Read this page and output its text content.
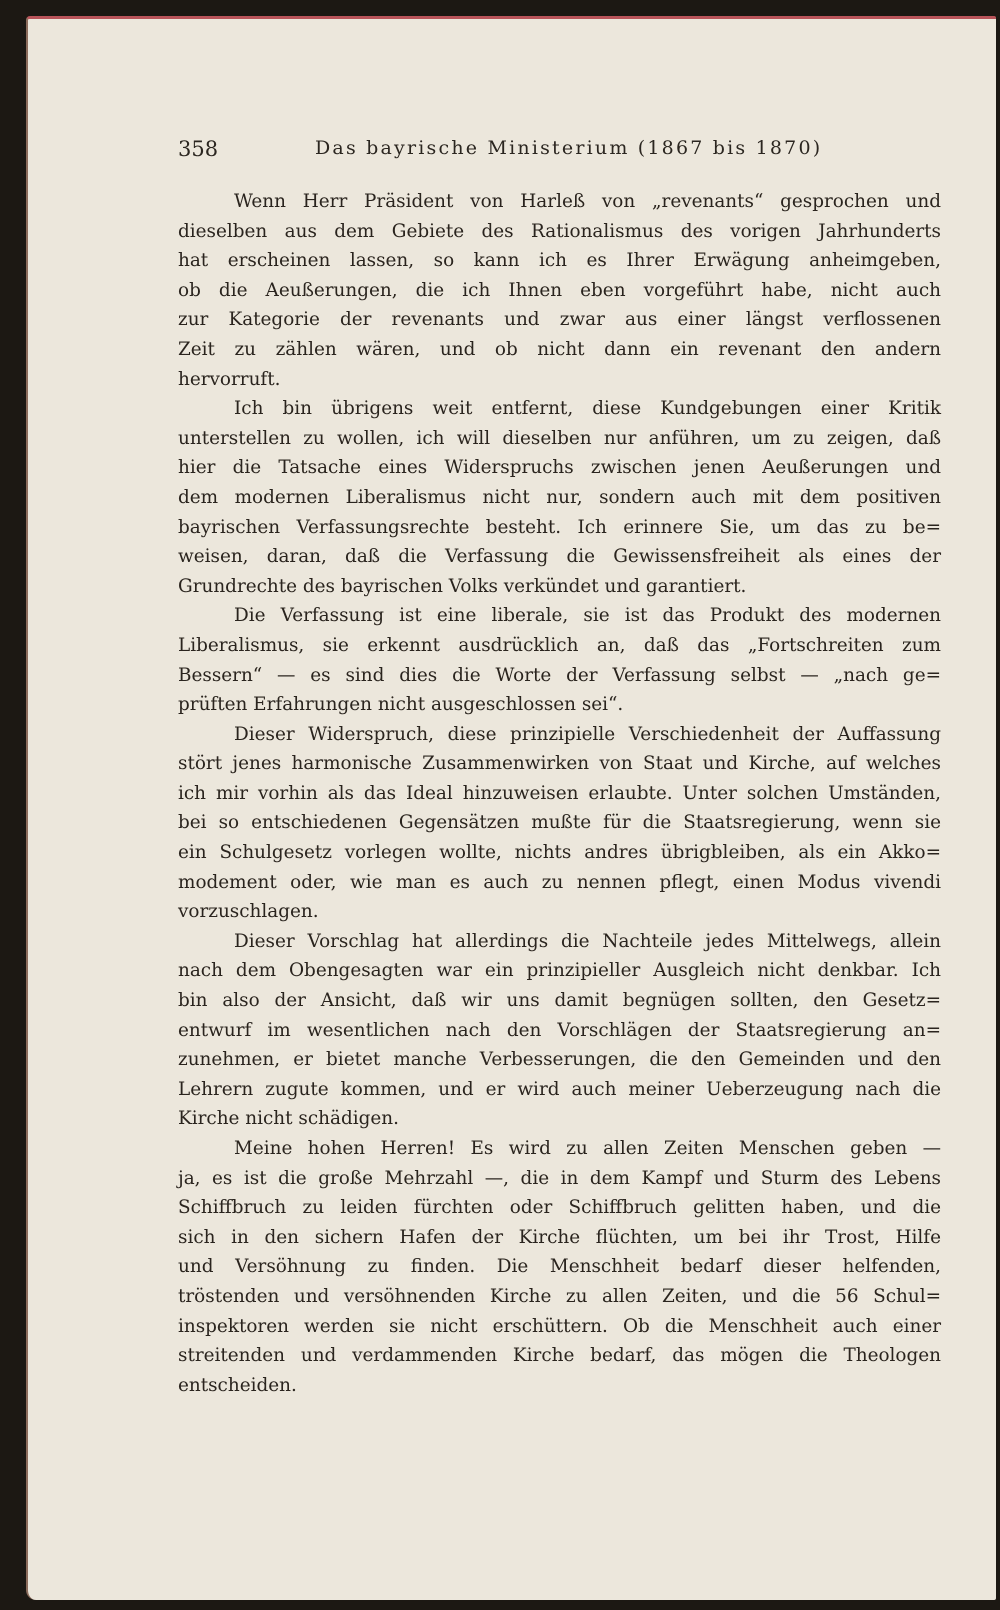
358	Das bayrische Ministerium (1867 bis 1870)
Wenn Herr Präsident von Harleß von „revenants“ gesprochen und
dieselben aus dem Gebiete des Rationalismus des vorigen Jahrhunderts
hat erscheinen lassen, so kann ich es Ihrer Erwägung anheimgeben,
ob die Aeußerungen, die ich Ihnen eben vorgeführt habe, nicht auch
zur Kategorie der revenants und zwar aus einer längst verflossenen
Zeit zu zählen wären, und ob nicht dann ein revenant den andern
hervorruft.
Ich bin übrigens weit entfernt, diese Kundgebungen einer Kritik
unterstellen zu wollen, ich will dieselben nur anführen, um zu zeigen, daß
hier die Tatsache eines Widerspruchs zwischen jenen Aeußerungen und
dem modernen Liberalismus nicht nur, sondern auch mit dem positiven
bayrischen Verfassungsrechte besteht. Ich erinnere Sie, um das zu be=
weisen, daran, daß die Verfassung die Gewissensfreiheit als eines der
Grundrechte des bayrischen Volks verkündet und garantiert.
Die Verfassung ist eine liberale, sie ist das Produkt des modernen
Liberalismus, sie erkennt ausdrücklich an, daß das „Fortschreiten zum
Bessern“ — es sind dies die Worte der Verfassung selbst — „nach ge=
prüften Erfahrungen nicht ausgeschlossen sei“.
Dieser Widerspruch, diese prinzipielle Verschiedenheit der Auffassung
stört jenes harmonische Zusammenwirken von Staat und Kirche, auf welches
ich mir vorhin als das Ideal hinzuweisen erlaubte. Unter solchen Umständen,
bei so entschiedenen Gegensätzen mußte für die Staatsregierung, wenn sie
ein Schulgesetz vorlegen wollte, nichts andres übrigbleiben, als ein Akko=
modement oder, wie man es auch zu nennen pflegt, einen Modus vivendi
vorzuschlagen.
Dieser Vorschlag hat allerdings die Nachteile jedes Mittelwegs, allein
nach dem Obengesagten war ein prinzipieller Ausgleich nicht denkbar. Ich
bin also der Ansicht, daß wir uns damit begnügen sollten, den Gesetz=
entwurf im wesentlichen nach den Vorschlägen der Staatsregierung an=
zunehmen, er bietet manche Verbesserungen, die den Gemeinden und den
Lehrern zugute kommen, und er wird auch meiner Ueberzeugung nach die
Kirche nicht schädigen.
Meine hohen Herren! Es wird zu allen Zeiten Menschen geben —
ja, es ist die große Mehrzahl —, die in dem Kampf und Sturm des Lebens
Schiffbruch zu leiden fürchten oder Schiffbruch gelitten haben, und die
sich in den sichern Hafen der Kirche flüchten, um bei ihr Trost, Hilfe
und Versöhnung zu finden. Die Menschheit bedarf dieser helfenden,
tröstenden und versöhnenden Kirche zu allen Zeiten, und die 56 Schul=
inspektoren werden sie nicht erschüttern. Ob die Menschheit auch einer
streitenden und verdammenden Kirche bedarf, das mögen die Theologen
entscheiden.
